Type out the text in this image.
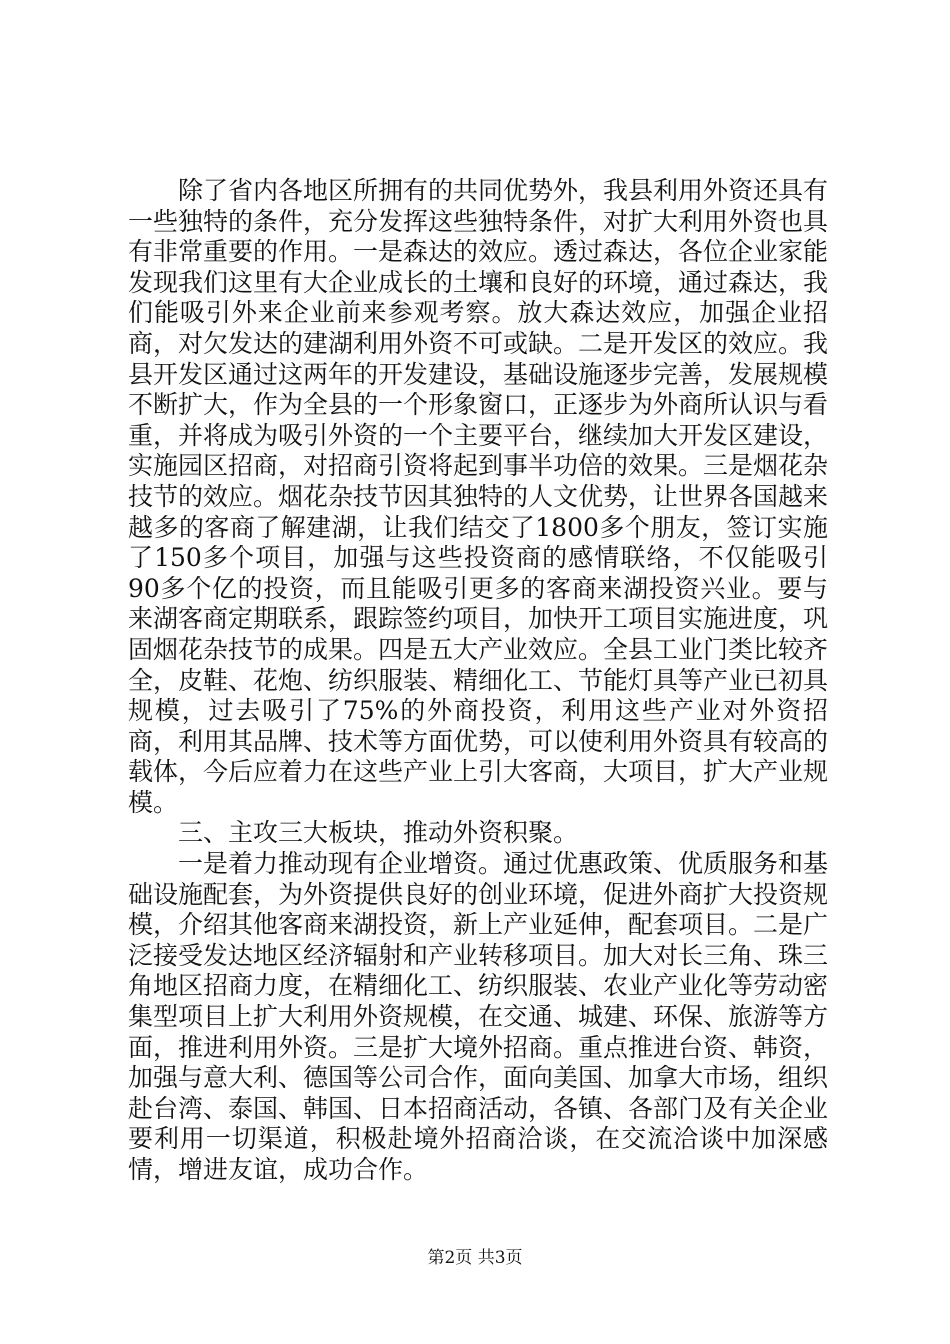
除了省内各地区所拥有的共同优势外，我县利用外资还具有一些独特的条件，充分发挥这些独特条件，对扩大利用外资也具有非常重要的作用。一是森达的效应。透过森达，各位企业家能发现我们这里有大企业成长的土壤和良好的环境，通过森达，我们能吸引外来企业前来参观考察。放大森达效应，加强企业招商，对欠发达的建湖利用外资不可或缺。二是开发区的效应。我县开发区通过这两年的开发建设，基础设施逐步完善，发展规模不断扩大，作为全县的一个形象窗口，正逐步为外商所认识与看重，并将成为吸引外资的一个主要平台，继续加大开发区建设，实施园区招商，对招商引资将起到事半功倍的效果。三是烟花杂技节的效应。烟花杂技节因其独特的人文优势，让世界各国越来越多的客商了解建湖，让我们结交了1800多个朋友，签订实施了150多个项目，加强与这些投资商的感情联络，不仅能吸引90多个亿的投资，而且能吸引更多的客商来湖投资兴业。要与来湖客商定期联系，跟踪签约项目，加快开工项目实施进度，巩固烟花杂技节的成果。四是五大产业效应。全县工业门类比较齐全，皮鞋、花炮、纺织服装、精细化工、节能灯具等产业已初具规模，过去吸引了75%的外商投资，利用这些产业对外资招商，利用其品牌、技术等方面优势，可以使利用外资具有较高的载体，今后应着力在这些产业上引大客商，大项目，扩大产业规模。

三、主攻三大板块，推动外资积聚。

一是着力推动现有企业增资。通过优惠政策、优质服务和基础设施配套，为外资提供良好的创业环境，促进外商扩大投资规模，介绍其他客商来湖投资，新上产业延伸，配套项目。二是广泛接受发达地区经济辐射和产业转移项目。加大对长三角、珠三角地区招商力度，在精细化工、纺织服装、农业产业化等劳动密集型项目上扩大利用外资规模，在交通、城建、环保、旅游等方面，推进利用外资。三是扩大境外招商。重点推进台资、韩资，加强与意大利、德国等公司合作，面向美国、加拿大市场，组织赴台湾、泰国、韩国、日本招商活动，各镇、各部门及有关企业要利用一切渠道，积极赴境外招商洽谈，在交流洽谈中加深感情，增进友谊，成功合作。

第2页 共3页
